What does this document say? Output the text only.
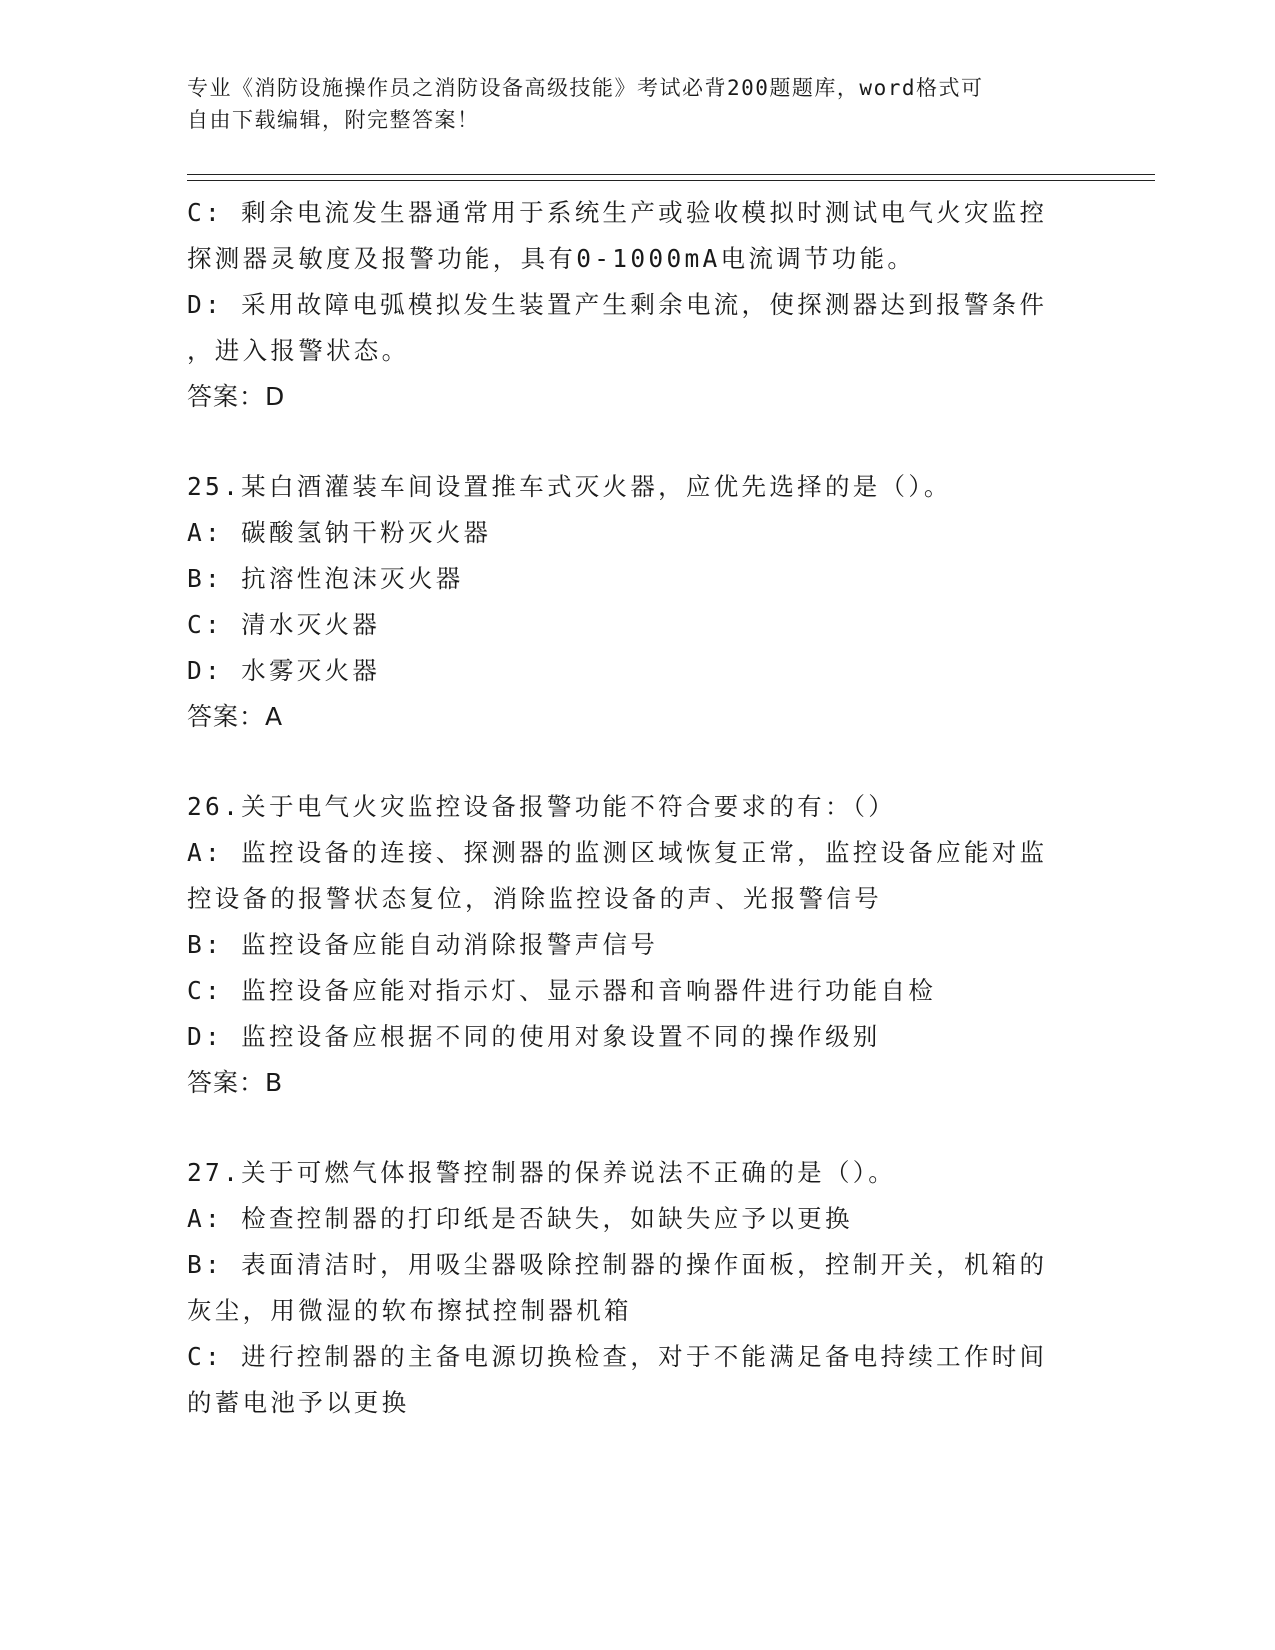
专业《消防设施操作员之消防设备高级技能》考试必背200题题库，word格式可
自由下载编辑，附完整答案！
C: 剩余电流发生器通常用于系统生产或验收模拟时测试电气火灾监控
探测器灵敏度及报警功能，具有0-1000mA电流调节功能。
D: 采用故障电弧模拟发生装置产生剩余电流，使探测器达到报警条件
，进入报警状态。
答案：D
25.某白酒灌装车间设置推车式灭火器，应优先选择的是（）。
A: 碳酸氢钠干粉灭火器
B: 抗溶性泡沫灭火器
C: 清水灭火器
D: 水雾灭火器
答案：A
26.关于电气火灾监控设备报警功能不符合要求的有：（）
A: 监控设备的连接、探测器的监测区域恢复正常，监控设备应能对监
控设备的报警状态复位，消除监控设备的声、光报警信号
B: 监控设备应能自动消除报警声信号
C: 监控设备应能对指示灯、显示器和音响器件进行功能自检
D: 监控设备应根据不同的使用对象设置不同的操作级别
答案：B
27.关于可燃气体报警控制器的保养说法不正确的是（）。
A: 检查控制器的打印纸是否缺失，如缺失应予以更换
B: 表面清洁时，用吸尘器吸除控制器的操作面板，控制开关，机箱的
灰尘，用微湿的软布擦拭控制器机箱
C: 进行控制器的主备电源切换检查，对于不能满足备电持续工作时间
的蓄电池予以更换
